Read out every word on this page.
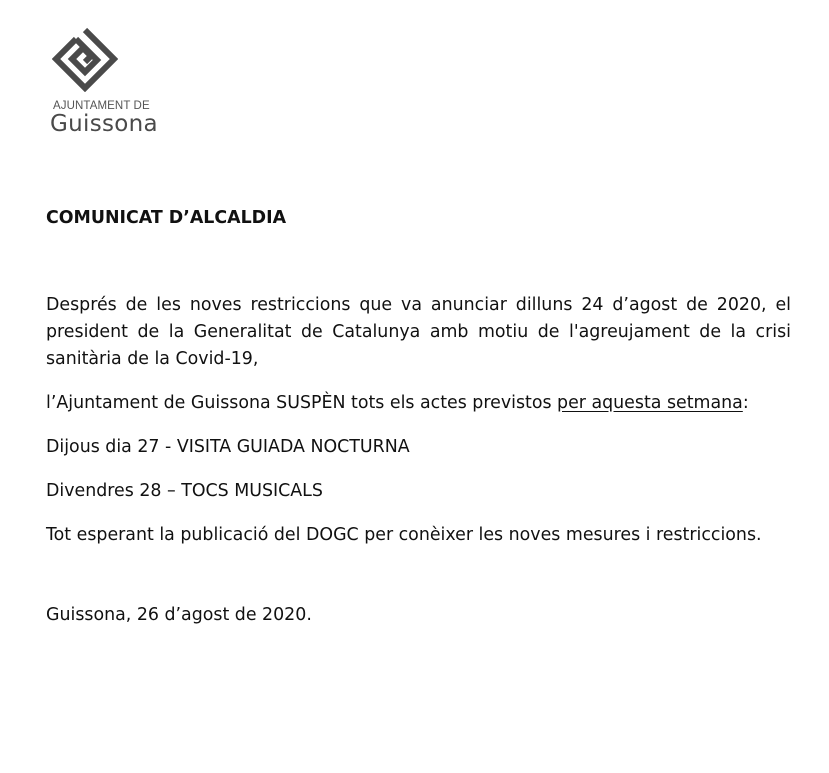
AJUNTAMENT DE
Guissona

COMUNICAT D’ALCALDIA

Després de les noves restriccions que va anunciar dilluns 24 d’agost de 2020, el president de la Generalitat de Catalunya amb motiu de l'agreujament de la crisi sanitària de la Covid-19,

l’Ajuntament de Guissona SUSPÈN tots els actes previstos per aquesta setmana:

Dijous dia 27 - VISITA GUIADA NOCTURNA

Divendres 28 – TOCS MUSICALS

Tot esperant la publicació del DOGC per conèixer les noves mesures i restriccions.

Guissona, 26 d’agost de 2020.
